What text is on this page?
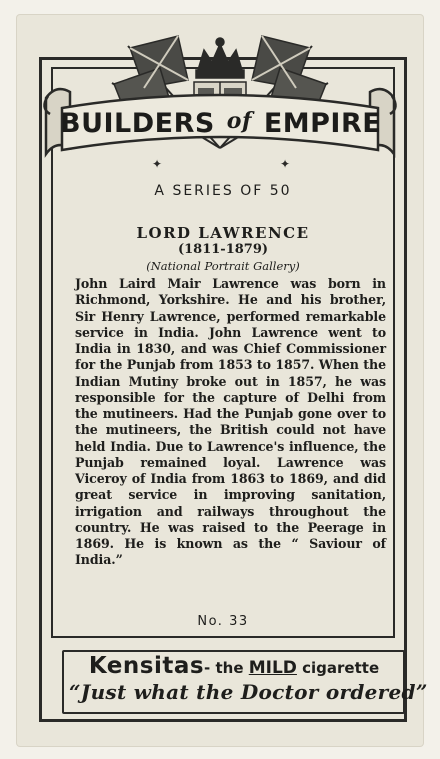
✦
✦
BUILDERS of EMPIRE
A SERIES OF 50
LORD LAWRENCE
(1811-1879)
(National Portrait Gallery)
John Laird Mair Lawrence was born in Richmond, Yorkshire. He and his brother, Sir Henry Lawrence, performed remarkable service in India. John Lawrence went to India in 1830, and was Chief Commissioner for the Punjab from 1853 to 1857. When the Indian Mutiny broke out in 1857, he was responsible for the capture of Delhi from the mutineers. Had the Punjab gone over to the mutineers, the British could not have held India. Due to Lawrence's influence, the Punjab remained loyal. Lawrence was Viceroy of India from 1863 to 1869, and did great service in improving sanitation, irrigation and railways throughout the country. He was raised to the Peerage in 1869. He is known as the “ Saviour of India.”
No. 33
Kensitas- the MILD cigarette
“Just what the Doctor ordered”
